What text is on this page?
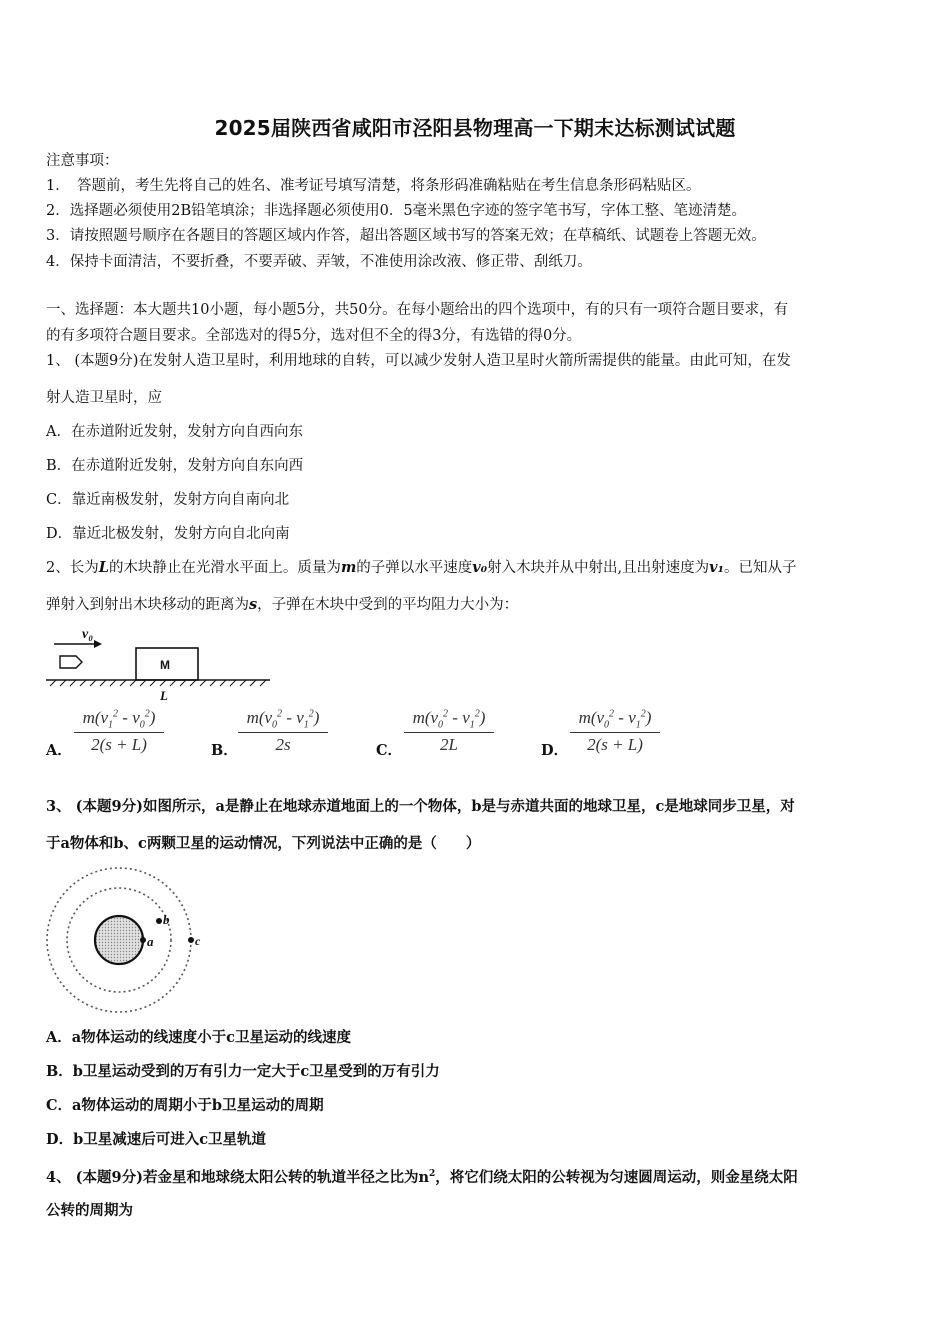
2025届陕西省咸阳市泾阳县物理高一下期末达标测试试题
注意事项：
1．　答题前，考生先将自己的姓名、准考证号填写清楚，将条形码准确粘贴在考生信息条形码粘贴区。
2．选择题必须使用2B铅笔填涂；非选择题必须使用0．5毫米黑色字迹的签字笔书写，字体工整、笔迹清楚。
3．请按照题号顺序在各题目的答题区域内作答，超出答题区域书写的答案无效；在草稿纸、试题卷上答题无效。
4．保持卡面清洁，不要折叠，不要弄破、弄皱，不准使用涂改液、修正带、刮纸刀。
一、选择题：本大题共10小题，每小题5分，共50分。在每小题给出的四个选项中，有的只有一项符合题目要求，有
的有多项符合题目要求。全部选对的得5分，选对但不全的得3分，有选错的得0分。
1、 (本题9分)在发射人造卫星时，利用地球的自转，可以减少发射人造卫星时火箭所需提供的能量。由此可知，在发
射人造卫星时，应
A．在赤道附近发射，发射方向自西向东
B．在赤道附近发射，发射方向自东向西
C．靠近南极发射，发射方向自南向北
D．靠近北极发射，发射方向自北向南
2、长为L的木块静止在光滑水平面上。质量为m的子弹以水平速度v₀射入木块并从中射出,且出射速度为v₁。已知从子
弹射入到射出木块移动的距离为s，子弹在木块中受到的平均阻力大小为：
v₀
M
L
A．
$m(v_1^2 - v_0^2)$
2(s + L)	B．
$m(v_0^2 - v_1^2)$
2s	C．
$m(v_0^2 - v_1^2)$
2L	D．
$m(v_0^2 - v_1^2)$
2(s + L)
3、 (本题9分)如图所示，a是静止在地球赤道地面上的一个物体，b是与赤道共面的地球卫星，c是地球同步卫星，对
于a物体和b、c两颗卫星的运动情况，下列说法中正确的是（　　）
a
b
c
A．a物体运动的线速度小于c卫星运动的线速度
B．b卫星运动受到的万有引力一定大于c卫星受到的万有引力
C．a物体运动的周期小于b卫星运动的周期
D．b卫星减速后可进入c卫星轨道
4、 (本题9分)若金星和地球绕太阳公转的轨道半径之比为$n^2$，将它们绕太阳的公转视为匀速圆周运动，则金星绕太阳
公转的周期为
